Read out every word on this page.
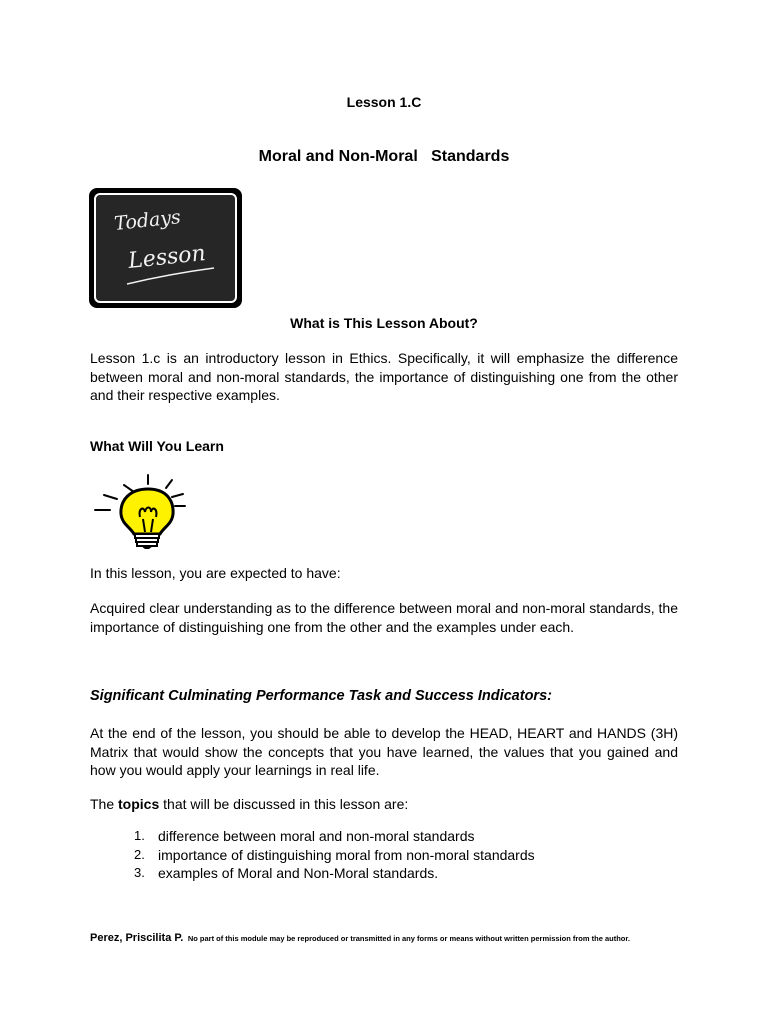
Lesson 1.C
Moral and Non-Moral   Standards
Todays
Lesson
What is This Lesson About?
Lesson 1.c is an introductory lesson in Ethics. Specifically, it will emphasize the difference between moral and non-moral standards, the importance of distinguishing one from the other and their respective examples.
What Will You Learn
In this lesson, you are expected to have:
Acquired clear understanding as to the difference between moral and non-moral standards, the importance of distinguishing one from the other and the examples under each.
Significant Culminating Performance Task and Success Indicators:
At the end of the lesson, you should be able to develop the HEAD, HEART and HANDS (3H) Matrix that would show the concepts that you have learned, the values that you gained and how you would apply your learnings in real life.
The topics that will be discussed in this lesson are:
1. difference between moral and non-moral standards
2. importance of distinguishing moral from non-moral standards
3. examples of Moral and Non-Moral standards.
Perez, Priscilita P. No part of this module may be reproduced or transmitted in any forms or means without written permission from the author.
